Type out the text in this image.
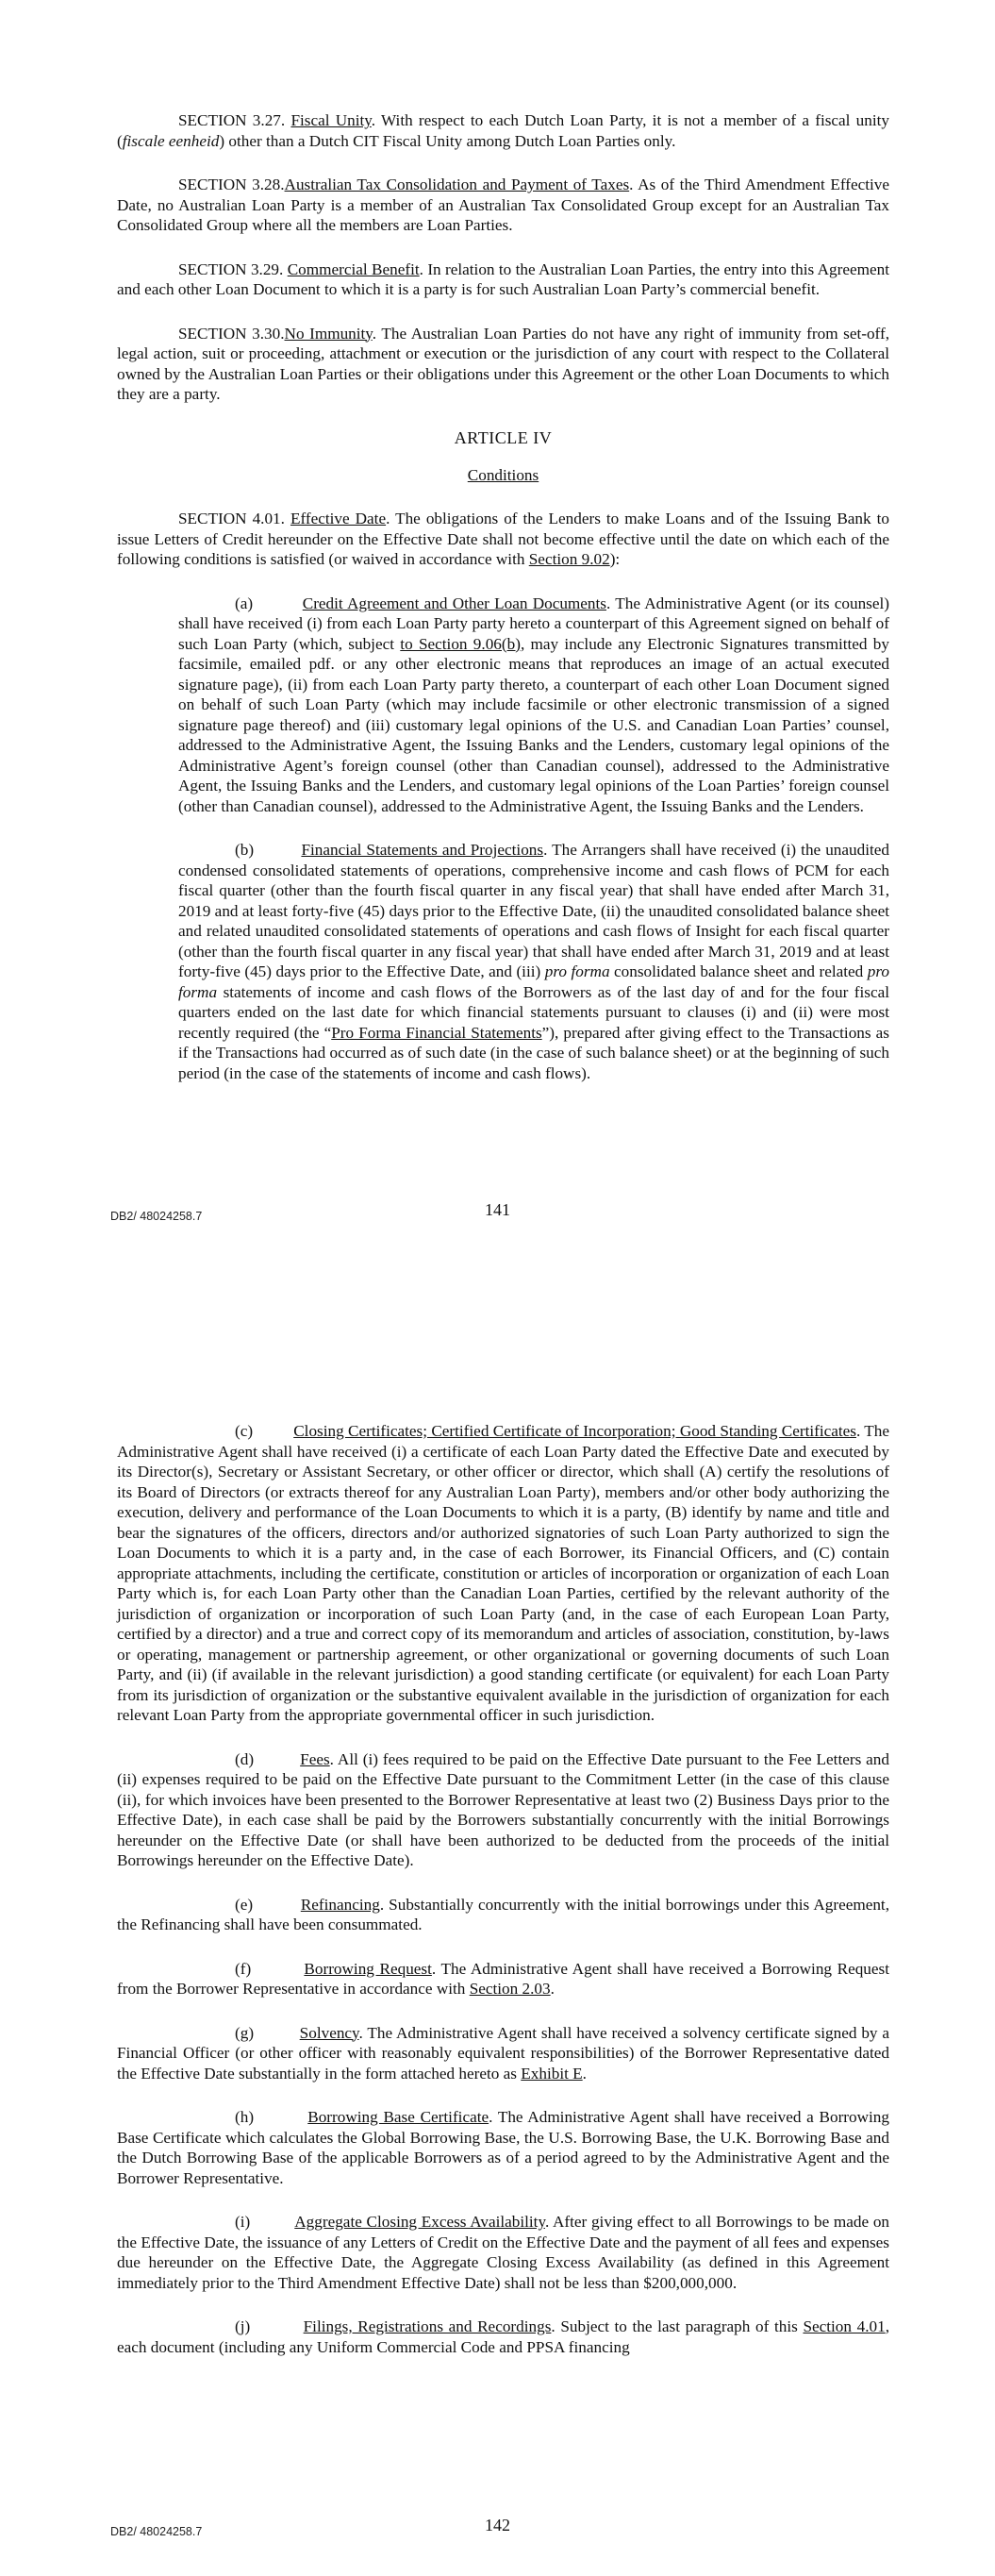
SECTION 3.27. Fiscal Unity. With respect to each Dutch Loan Party, it is not a member of a fiscal unity (fiscale eenheid) other than a Dutch CIT Fiscal Unity among Dutch Loan Parties only.

SECTION 3.28.Australian Tax Consolidation and Payment of Taxes. As of the Third Amendment Effective Date, no Australian Loan Party is a member of an Australian Tax Consolidated Group except for an Australian Tax Consolidated Group where all the members are Loan Parties.

SECTION 3.29. Commercial Benefit. In relation to the Australian Loan Parties, the entry into this Agreement and each other Loan Document to which it is a party is for such Australian Loan Party’s commercial benefit.

SECTION 3.30.No Immunity. The Australian Loan Parties do not have any right of immunity from set-off, legal action, suit or proceeding, attachment or execution or the jurisdiction of any court with respect to the Collateral owned by the Australian Loan Parties or their obligations under this Agreement or the other Loan Documents to which they are a party.

ARTICLE IV

Conditions

SECTION 4.01. Effective Date. The obligations of the Lenders to make Loans and of the Issuing Bank to issue Letters of Credit hereunder on the Effective Date shall not become effective until the date on which each of the following conditions is satisfied (or waived in accordance with Section 9.02):

(a)	Credit Agreement and Other Loan Documents. The Administrative Agent (or its counsel) shall have received (i) from each Loan Party party hereto a counterpart of this Agreement signed on behalf of such Loan Party (which, subject to Section 9.06(b), may include any Electronic Signatures transmitted by facsimile, emailed pdf. or any other electronic means that reproduces an image of an actual executed signature page), (ii) from each Loan Party party thereto, a counterpart of each other Loan Document signed on behalf of such Loan Party (which may include facsimile or other electronic transmission of a signed signature page thereof) and (iii) customary legal opinions of the U.S. and Canadian Loan Parties’ counsel, addressed to the Administrative Agent, the Issuing Banks and the Lenders, customary legal opinions of the Administrative Agent’s foreign counsel (other than Canadian counsel), addressed to the Administrative Agent, the Issuing Banks and the Lenders, and customary legal opinions of the Loan Parties’ foreign counsel (other than Canadian counsel), addressed to the Administrative Agent, the Issuing Banks and the Lenders.

(b)	Financial Statements and Projections. The Arrangers shall have received (i) the unaudited condensed consolidated statements of operations, comprehensive income and cash flows of PCM for each fiscal quarter (other than the fourth fiscal quarter in any fiscal year) that shall have ended after March 31, 2019 and at least forty-five (45) days prior to the Effective Date, (ii) the unaudited consolidated balance sheet and related unaudited consolidated statements of operations and cash flows of Insight for each fiscal quarter (other than the fourth fiscal quarter in any fiscal year) that shall have ended after March 31, 2019 and at least forty-five (45) days prior to the Effective Date, and (iii) pro forma consolidated balance sheet and related pro forma statements of income and cash flows of the Borrowers as of the last day of and for the four fiscal quarters ended on the last date for which financial statements pursuant to clauses (i) and (ii) were most recently required (the “Pro Forma Financial Statements”), prepared after giving effect to the Transactions as if the Transactions had occurred as of such date (in the case of such balance sheet) or at the beginning of such period (in the case of the statements of income and cash flows).

DB2/ 48024258.7	141

(c)	Closing Certificates; Certified Certificate of Incorporation; Good Standing Certificates. The Administrative Agent shall have received (i) a certificate of each Loan Party dated the Effective Date and executed by its Director(s), Secretary or Assistant Secretary, or other officer or director, which shall (A) certify the resolutions of its Board of Directors (or extracts thereof for any Australian Loan Party), members and/or other body authorizing the execution, delivery and performance of the Loan Documents to which it is a party, (B) identify by name and title and bear the signatures of the officers, directors and/or authorized signatories of such Loan Party authorized to sign the Loan Documents to which it is a party and, in the case of each Borrower, its Financial Officers, and (C) contain appropriate attachments, including the certificate, constitution or articles of incorporation or organization of each Loan Party which is, for each Loan Party other than the Canadian Loan Parties, certified by the relevant authority of the jurisdiction of organization or incorporation of such Loan Party (and, in the case of each European Loan Party, certified by a director) and a true and correct copy of its memorandum and articles of association, constitution, by-laws or operating, management or partnership agreement, or other organizational or governing documents of such Loan Party, and (ii) (if available in the relevant jurisdiction) a good standing certificate (or equivalent) for each Loan Party from its jurisdiction of organization or the substantive equivalent available in the jurisdiction of organization for each relevant Loan Party from the appropriate governmental officer in such jurisdiction.

(d)	Fees. All (i) fees required to be paid on the Effective Date pursuant to the Fee Letters and (ii) expenses required to be paid on the Effective Date pursuant to the Commitment Letter (in the case of this clause (ii), for which invoices have been presented to the Borrower Representative at least two (2) Business Days prior to the Effective Date), in each case shall be paid by the Borrowers substantially concurrently with the initial Borrowings hereunder on the Effective Date (or shall have been authorized to be deducted from the proceeds of the initial Borrowings hereunder on the Effective Date).

(e)	Refinancing. Substantially concurrently with the initial borrowings under this Agreement, the Refinancing shall have been consummated.

(f)	Borrowing Request. The Administrative Agent shall have received a Borrowing Request from the Borrower Representative in accordance with Section 2.03.

(g)	Solvency. The Administrative Agent shall have received a solvency certificate signed by a Financial Officer (or other officer with reasonably equivalent responsibilities) of the Borrower Representative dated the Effective Date substantially in the form attached hereto as Exhibit E.

(h)	Borrowing Base Certificate. The Administrative Agent shall have received a Borrowing Base Certificate which calculates the Global Borrowing Base, the U.S. Borrowing Base, the U.K. Borrowing Base and the Dutch Borrowing Base of the applicable Borrowers as of a period agreed to by the Administrative Agent and the Borrower Representative.

(i)	Aggregate Closing Excess Availability. After giving effect to all Borrowings to be made on the Effective Date, the issuance of any Letters of Credit on the Effective Date and the payment of all fees and expenses due hereunder on the Effective Date, the Aggregate Closing Excess Availability (as defined in this Agreement immediately prior to the Third Amendment Effective Date) shall not be less than $200,000,000.

(j)	Filings, Registrations and Recordings. Subject to the last paragraph of this Section 4.01, each document (including any Uniform Commercial Code and PPSA financing

DB2/ 48024258.7	142
